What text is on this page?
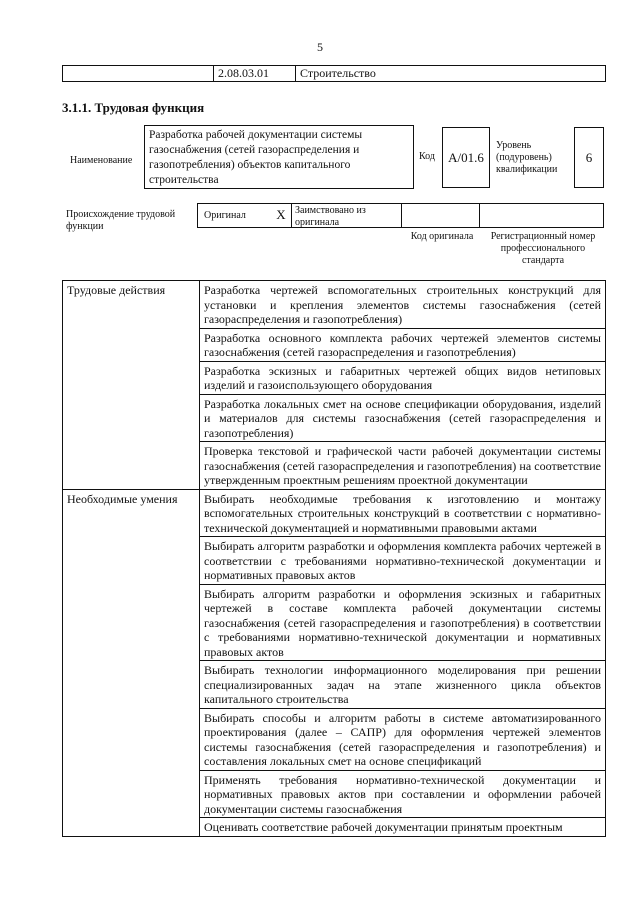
5
2.08.03.01	Строительство
3.1.1. Трудовая функция
Наименование
Разработка рабочей документации системы газоснабжения (сетей газораспределения и газопотребления) объектов капитального строительства
Код	A/01.6
Уровень (подуровень) квалификации
6
Происхождение трудовой функции
Оригинал	X Заимствовано из оригинала
Код оригинала	Регистрационный номер профессионального стандарта
Трудовые действия	Разработка чертежей вспомогательных строительных конструкций для установки и крепления элементов системы газоснабжения (сетей газораспределения и газопотребления)
	Разработка основного комплекта рабочих чертежей элементов системы газоснабжения (сетей газораспределения и газопотребления)
	Разработка эскизных и габаритных чертежей общих видов нетиповых изделий и газоиспользующего оборудования
	Разработка локальных смет на основе спецификации оборудования, изделий и материалов для системы газоснабжения (сетей газораспределения и газопотребления)
	Проверка текстовой и графической части рабочей документации системы газоснабжения (сетей газораспределения и газопотребления) на соответствие утвержденным проектным решениям проектной документации
Необходимые умения	Выбирать необходимые требования к изготовлению и монтажу вспомогательных строительных конструкций в соответствии с нормативно-технической документацией и нормативными правовыми актами
	Выбирать алгоритм разработки и оформления комплекта рабочих чертежей в соответствии с требованиями нормативно-технической документации и нормативных правовых актов
	Выбирать алгоритм разработки и оформления эскизных и габаритных чертежей в составе комплекта рабочей документации системы газоснабжения (сетей газораспределения и газопотребления) в соответствии с требованиями нормативно-технической документации и нормативных правовых актов
	Выбирать технологии информационного моделирования при решении специализированных задач на этапе жизненного цикла объектов капитального строительства
	Выбирать способы и алгоритм работы в системе автоматизированного проектирования (далее – САПР) для оформления чертежей элементов системы газоснабжения (сетей газораспределения и газопотребления) и составления локальных смет на основе спецификаций
	Применять требования нормативно-технической документации и нормативных правовых актов при составлении и оформлении рабочей документации системы газоснабжения
	Оценивать соответствие рабочей документации принятым проектным
